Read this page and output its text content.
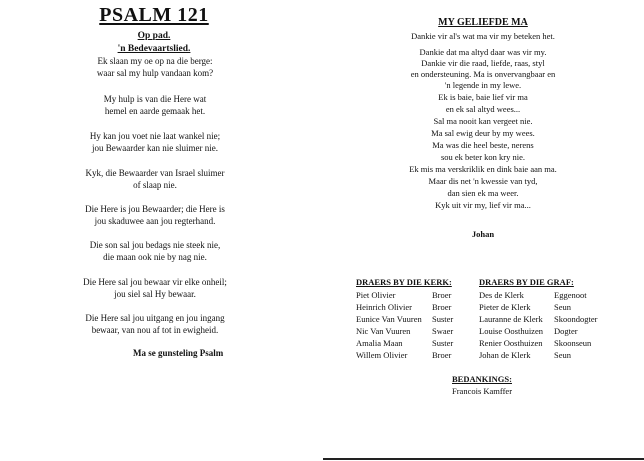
PSALM 121
Op pad.
'n Bedevaartslied.
Ek slaan my oe op na die berge:
waar sal my hulp vandaan kom?
My hulp is van die Here wat
hemel en aarde gemaak het.
Hy kan jou voet nie laat wankel nie;
jou Bewaarder kan nie sluimer nie.
Kyk, die Bewaarder van Israel sluimer
of slaap nie.
Die Here is jou Bewaarder; die Here is
jou skaduwee aan jou regterhand.
Die son sal jou bedags nie steek nie,
die maan ook nie by nag nie.
Die Here sal jou bewaar vir elke onheil;
jou siel sal Hy bewaar.
Die Here sal jou uitgang en jou ingang
bewaar, van nou af tot in ewigheid.
Ma se gunsteling Psalm
MY GELIEFDE MA
Dankie vir al's wat ma vir my beteken het.
Dankie dat ma altyd daar was vir my.
Dankie vir die raad, liefde, raas, styl
en ondersteuning. Ma is onvervangbaar en
'n legende in my lewe.
Ek is baie, baie lief vir ma
en ek sal altyd wees...
Sal ma nooit kan vergeet nie.
Ma sal ewig deur by my wees.
Ma was die heel beste, nerens
sou ek beter kon kry nie.
Ek mis ma verskriklik en dink baie aan ma.
Maar dis net 'n kwessie van tyd,
dan sien ek ma weer.
Kyk uit vir my, lief vir ma...
Johan
DRAERS BY DIE KERK:
Piet Olivier	Broer
Heinrich Olivier Broer
Eunice Van Vuuren Suster
Nic Van Vuuren	Swaer
Amalia Maan	Suster
Willem Olivier	Broer
DRAERS BY DIE GRAF:
Des de Klerk	Eggenoot
Pieter de Klerk	Seun
Lauranne de Klerk Skoondogter
Louise Oosthuizen Dogter
Renier Oosthuizen Skoonseun
Johan de Klerk	Seun
BEDANKINGS:
Francois Kamffer
